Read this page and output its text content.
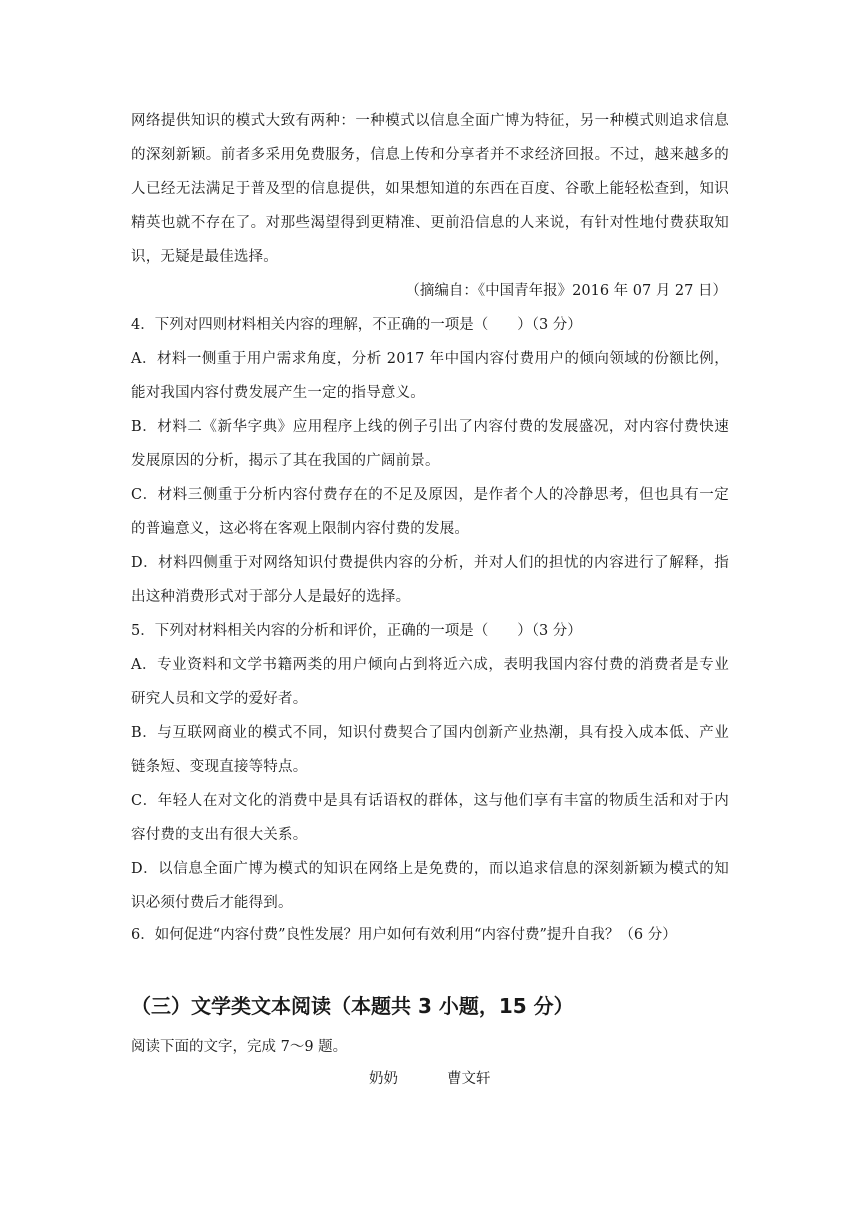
网络提供知识的模式大致有两种：一种模式以信息全面广博为特征，另一种模式则追求信息的深刻新颖。前者多采用免费服务，信息上传和分享者并不求经济回报。不过，越来越多的人已经无法满足于普及型的信息提供，如果想知道的东西在百度、谷歌上能轻松查到，知识精英也就不存在了。对那些渴望得到更精准、更前沿信息的人来说，有针对性地付费获取知识，无疑是最佳选择。
（摘编自：《中国青年报》2016 年 07 月 27 日）
4．下列对四则材料相关内容的理解，不正确的一项是（　　）（3 分）
A．材料一侧重于用户需求角度，分析 2017 年中国内容付费用户的倾向领域的份额比例，能对我国内容付费发展产生一定的指导意义。
B．材料二《新华字典》应用程序上线的例子引出了内容付费的发展盛况，对内容付费快速发展原因的分析，揭示了其在我国的广阔前景。
C．材料三侧重于分析内容付费存在的不足及原因，是作者个人的冷静思考，但也具有一定的普遍意义，这必将在客观上限制内容付费的发展。
D．材料四侧重于对网络知识付费提供内容的分析，并对人们的担忧的内容进行了解释，指出这种消费形式对于部分人是最好的选择。
5．下列对材料相关内容的分析和评价，正确的一项是（　　）（3 分）
A．专业资料和文学书籍两类的用户倾向占到将近六成，表明我国内容付费的消费者是专业研究人员和文学的爱好者。
B．与互联网商业的模式不同，知识付费契合了国内创新产业热潮，具有投入成本低、产业链条短、变现直接等特点。
C．年轻人在对文化的消费中是具有话语权的群体，这与他们享有丰富的物质生活和对于内容付费的支出有很大关系。
D．以信息全面广博为模式的知识在网络上是免费的，而以追求信息的深刻新颖为模式的知识必须付费后才能得到。
6．如何促进“内容付费”良性发展？用户如何有效利用“内容付费”提升自我？（6 分）
（三）文学类文本阅读（本题共 3 小题，15 分）
阅读下面的文字，完成 7～9 题。
奶奶	曹文轩
